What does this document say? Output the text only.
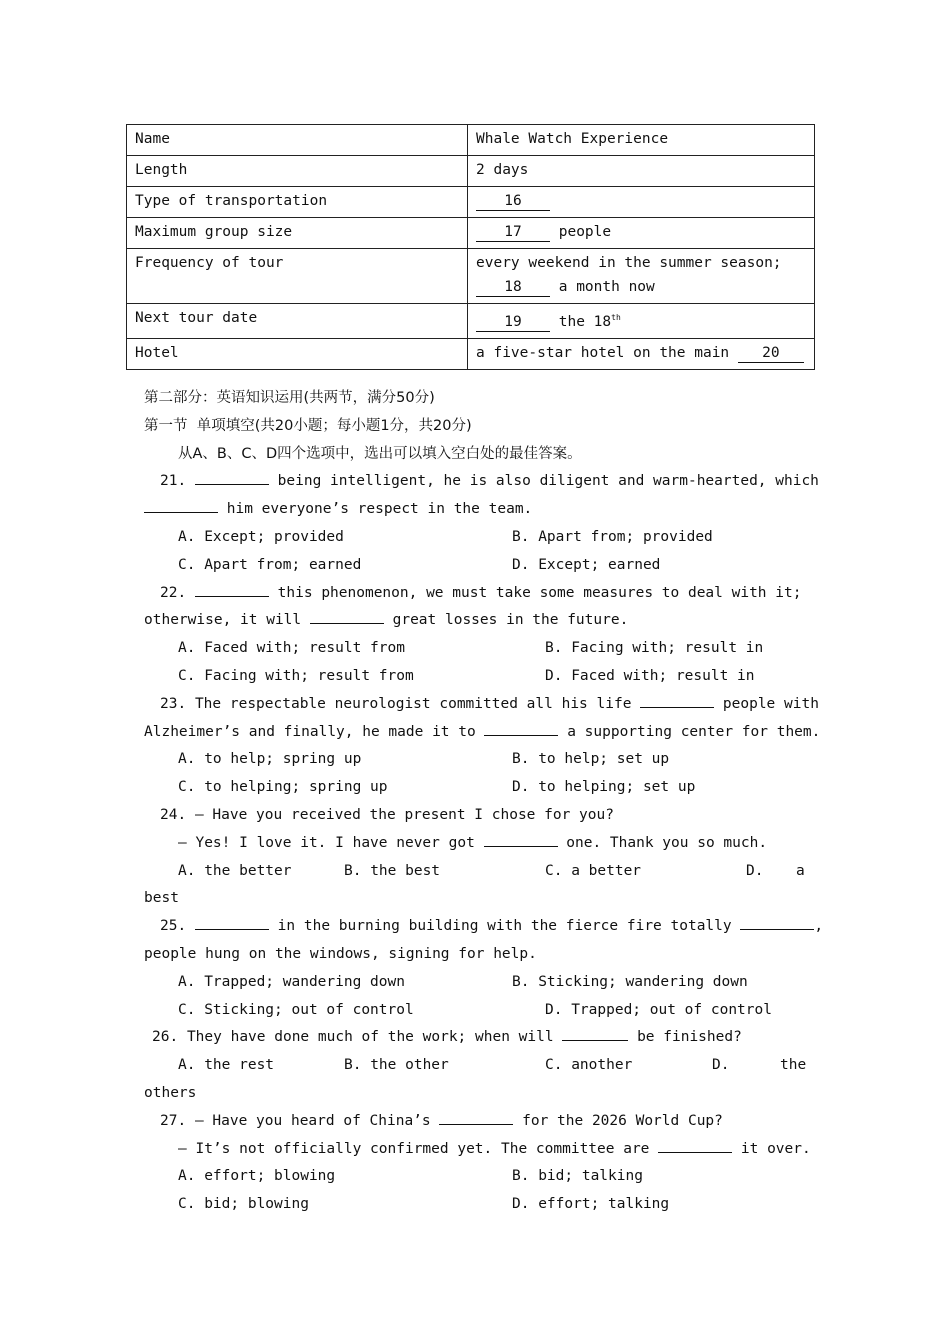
Name	Whale Watch Experience
Length	2 days
Type of transportation	16
Maximum group size	17 people
Frequency of tour	every weekend in the summer season;
18 a month now
Next tour date	19 the 18th
Hotel	a five-star hotel on the main 20
第二部分：英语知识运用(共两节，满分50分)
第一节  单项填空(共20小题；每小题1分，共20分)
从A、B、C、D四个选项中，选出可以填入空白处的最佳答案。
21.	being intelligent, he is also diligent and warm-hearted, which
him everyone’s respect in the team.
A. Except; provided	B. Apart from; provided
C. Apart from; earned	D. Except; earned
22.	this phenomenon, we must take some measures to deal with it;
otherwise, it will	great losses in the future.
A. Faced with; result from	B. Facing with; result in
C. Facing with; result from	D. Faced with; result in
23. The respectable neurologist committed all his life	people with
Alzheimer’s and finally, he made it to	a supporting center for them.
A. to help; spring up	B. to help; set up
C. to helping; spring up	D. to helping; set up
24. — Have you received the present I chose for you?
— Yes! I love it. I have never got	one. Thank you so much.
A. the better	B. the best	C. a better	D. a
best
25.	in the burning building with the fierce fire totally	,
people hung on the windows, signing for help.
A. Trapped; wandering down	B. Sticking; wandering down
C. Sticking; out of control	D. Trapped; out of control
26. They have done much of the work; when will	be finished?
A. the rest	B. the other	C. another	D.	the
others
27. — Have you heard of China’s	for the 2026 World Cup?
— It’s not officially confirmed yet. The committee are	it over.
A. effort; blowing	B. bid; talking
C. bid; blowing	D. effort; talking
